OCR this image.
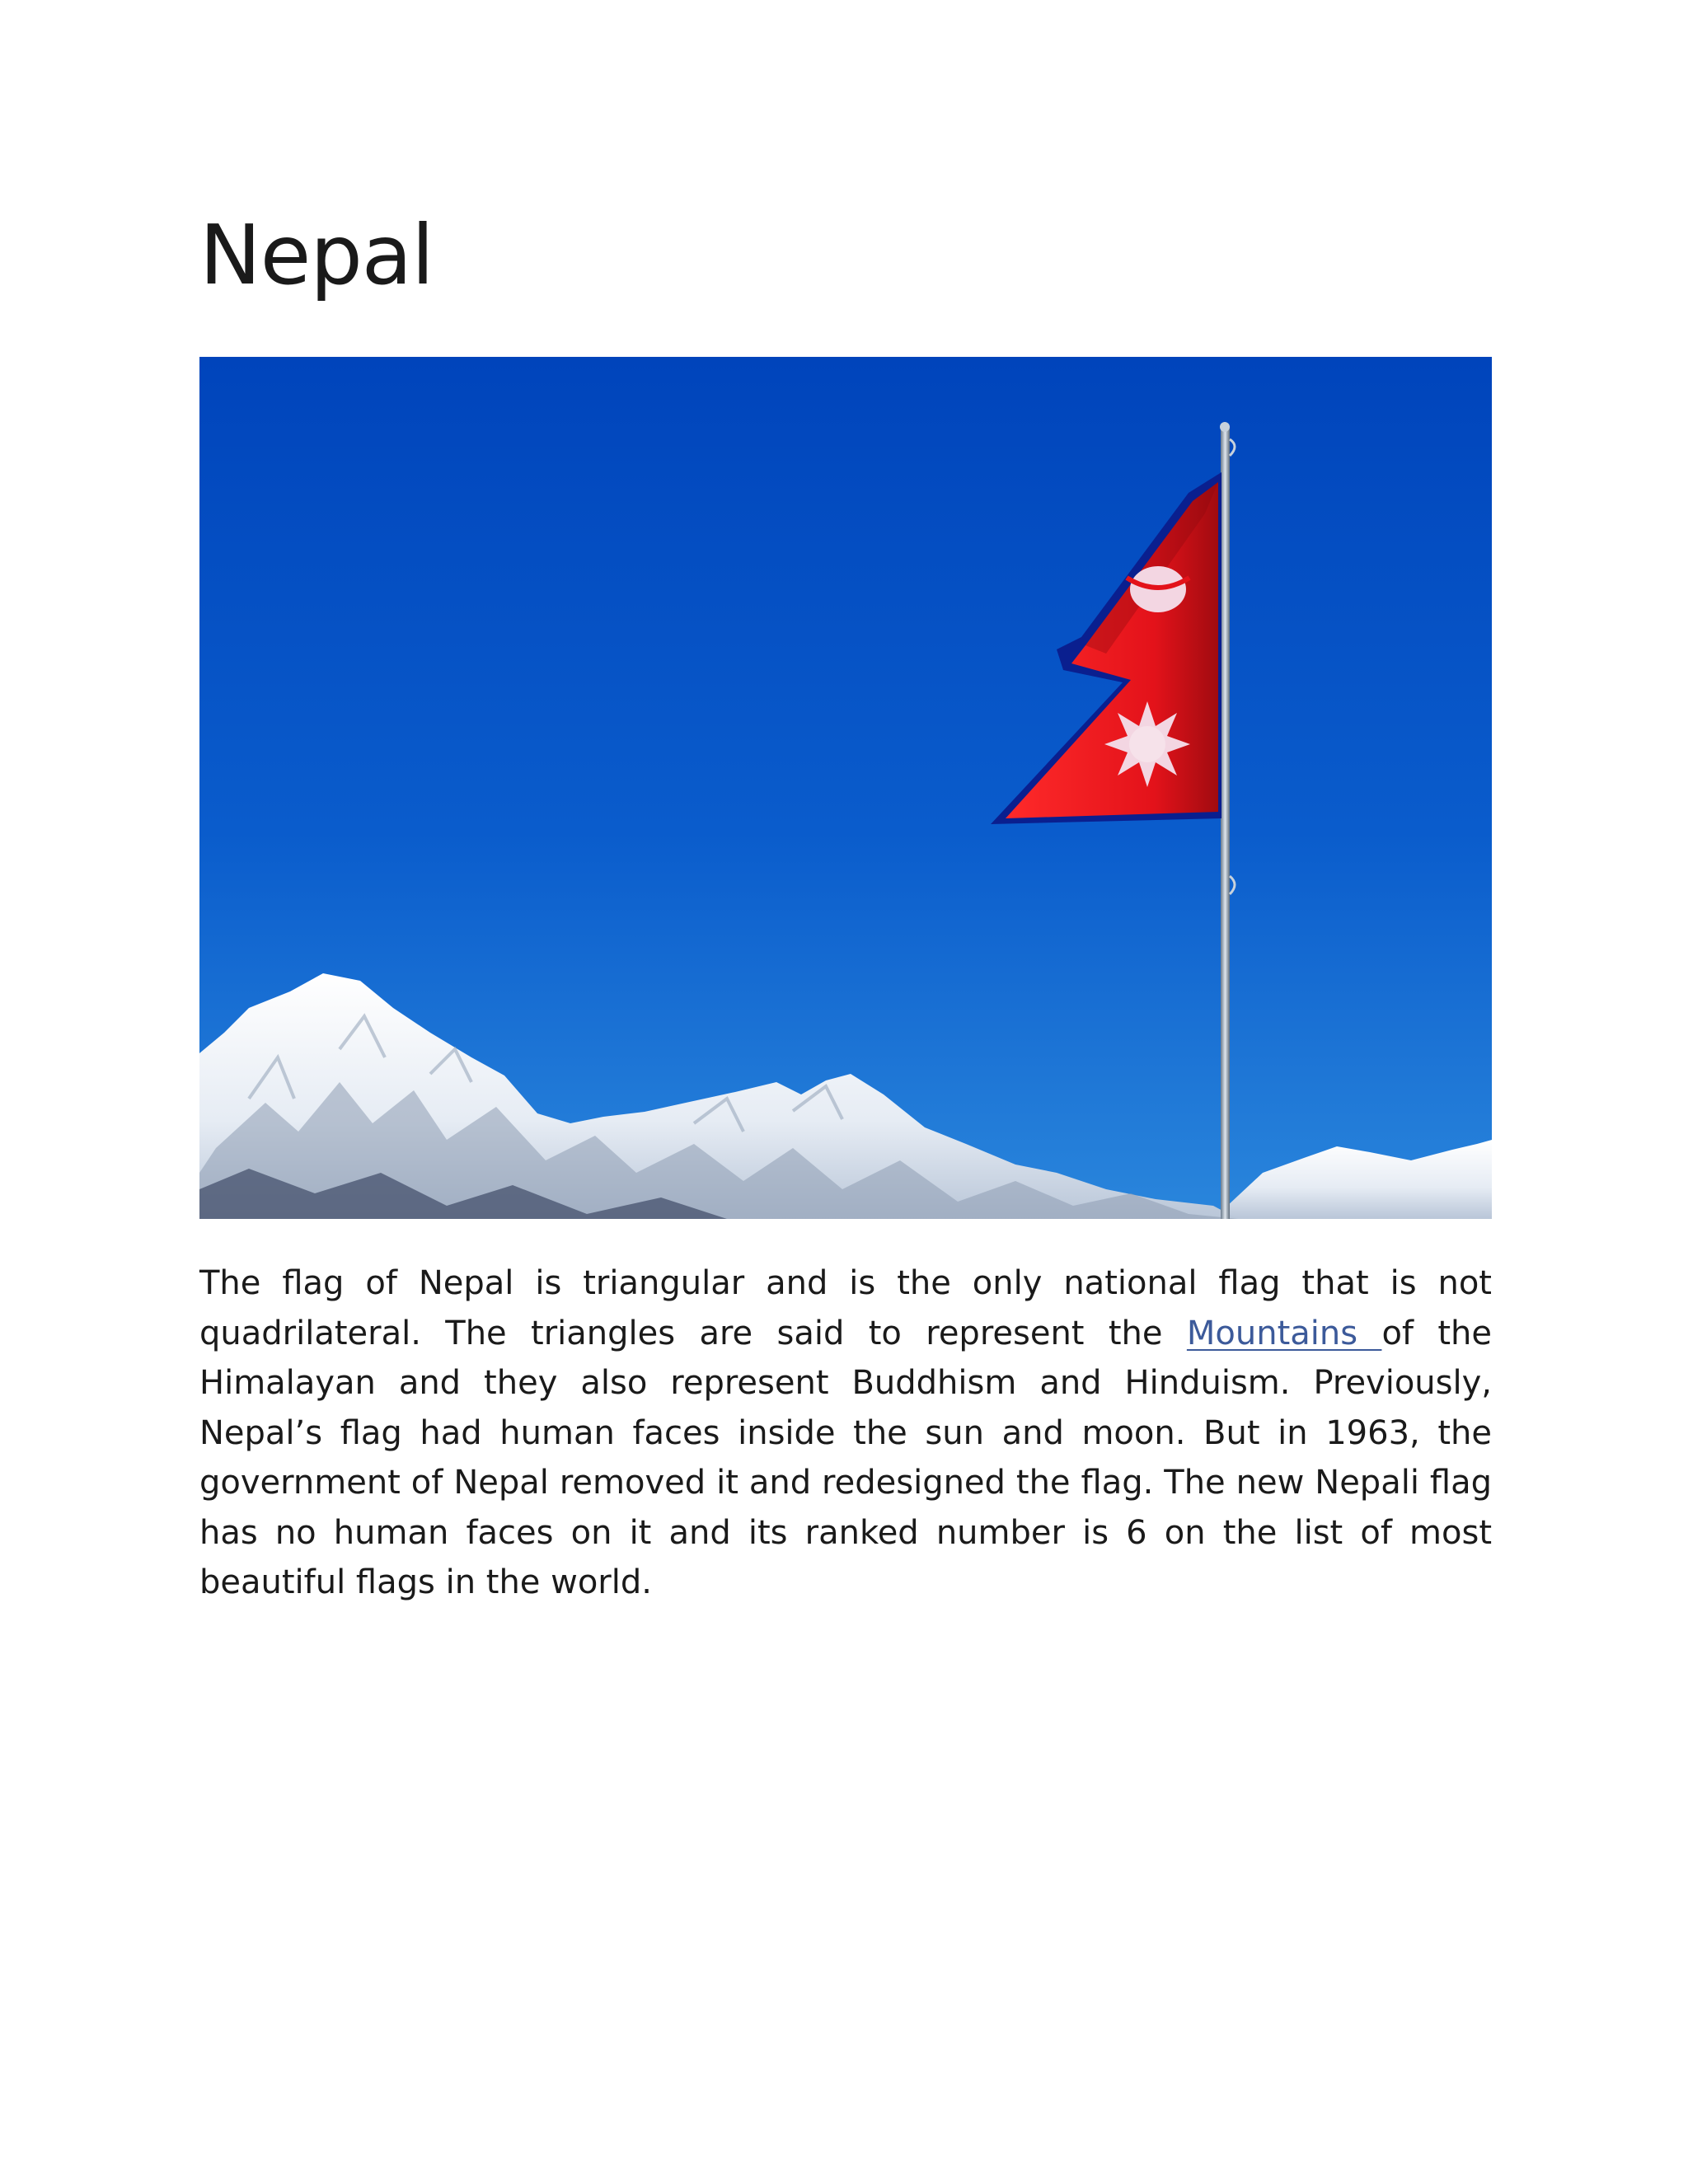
Nepal

The flag of Nepal is triangular and is the only national flag that is not quadrilateral. The triangles are said to represent the Mountains of the Himalayan and they also represent Buddhism and Hinduism. Previously, Nepal’s flag had human faces inside the sun and moon. But in 1963, the government of Nepal removed it and redesigned the flag. The new Nepali flag has no human faces on it and its ranked number is 6 on the list of most beautiful flags in the world.
